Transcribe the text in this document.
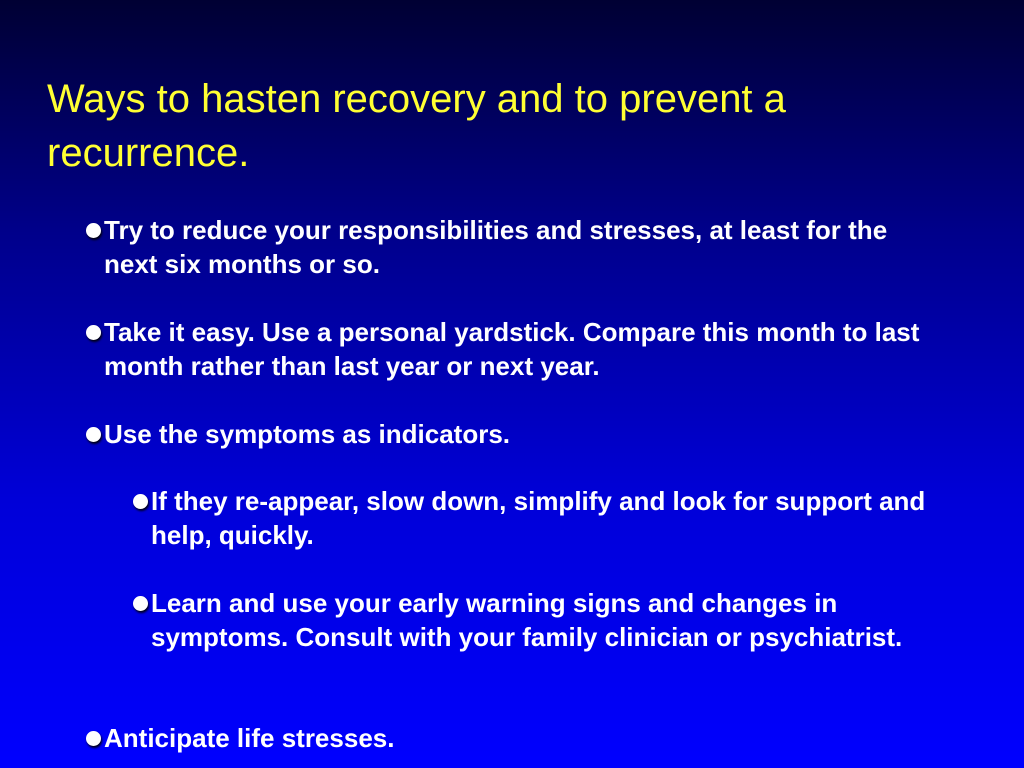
Ways to hasten recovery and to prevent a recurrence.
Try to reduce your responsibilities and stresses, at least for the next six months or so.
Take it easy. Use a personal yardstick. Compare this month to last month rather than last year or next year.
Use the symptoms as indicators.
If they re-appear, slow down, simplify and look for support and help, quickly.
Learn and use your early warning signs and changes in symptoms. Consult with your family clinician or psychiatrist.
Anticipate life stresses.
